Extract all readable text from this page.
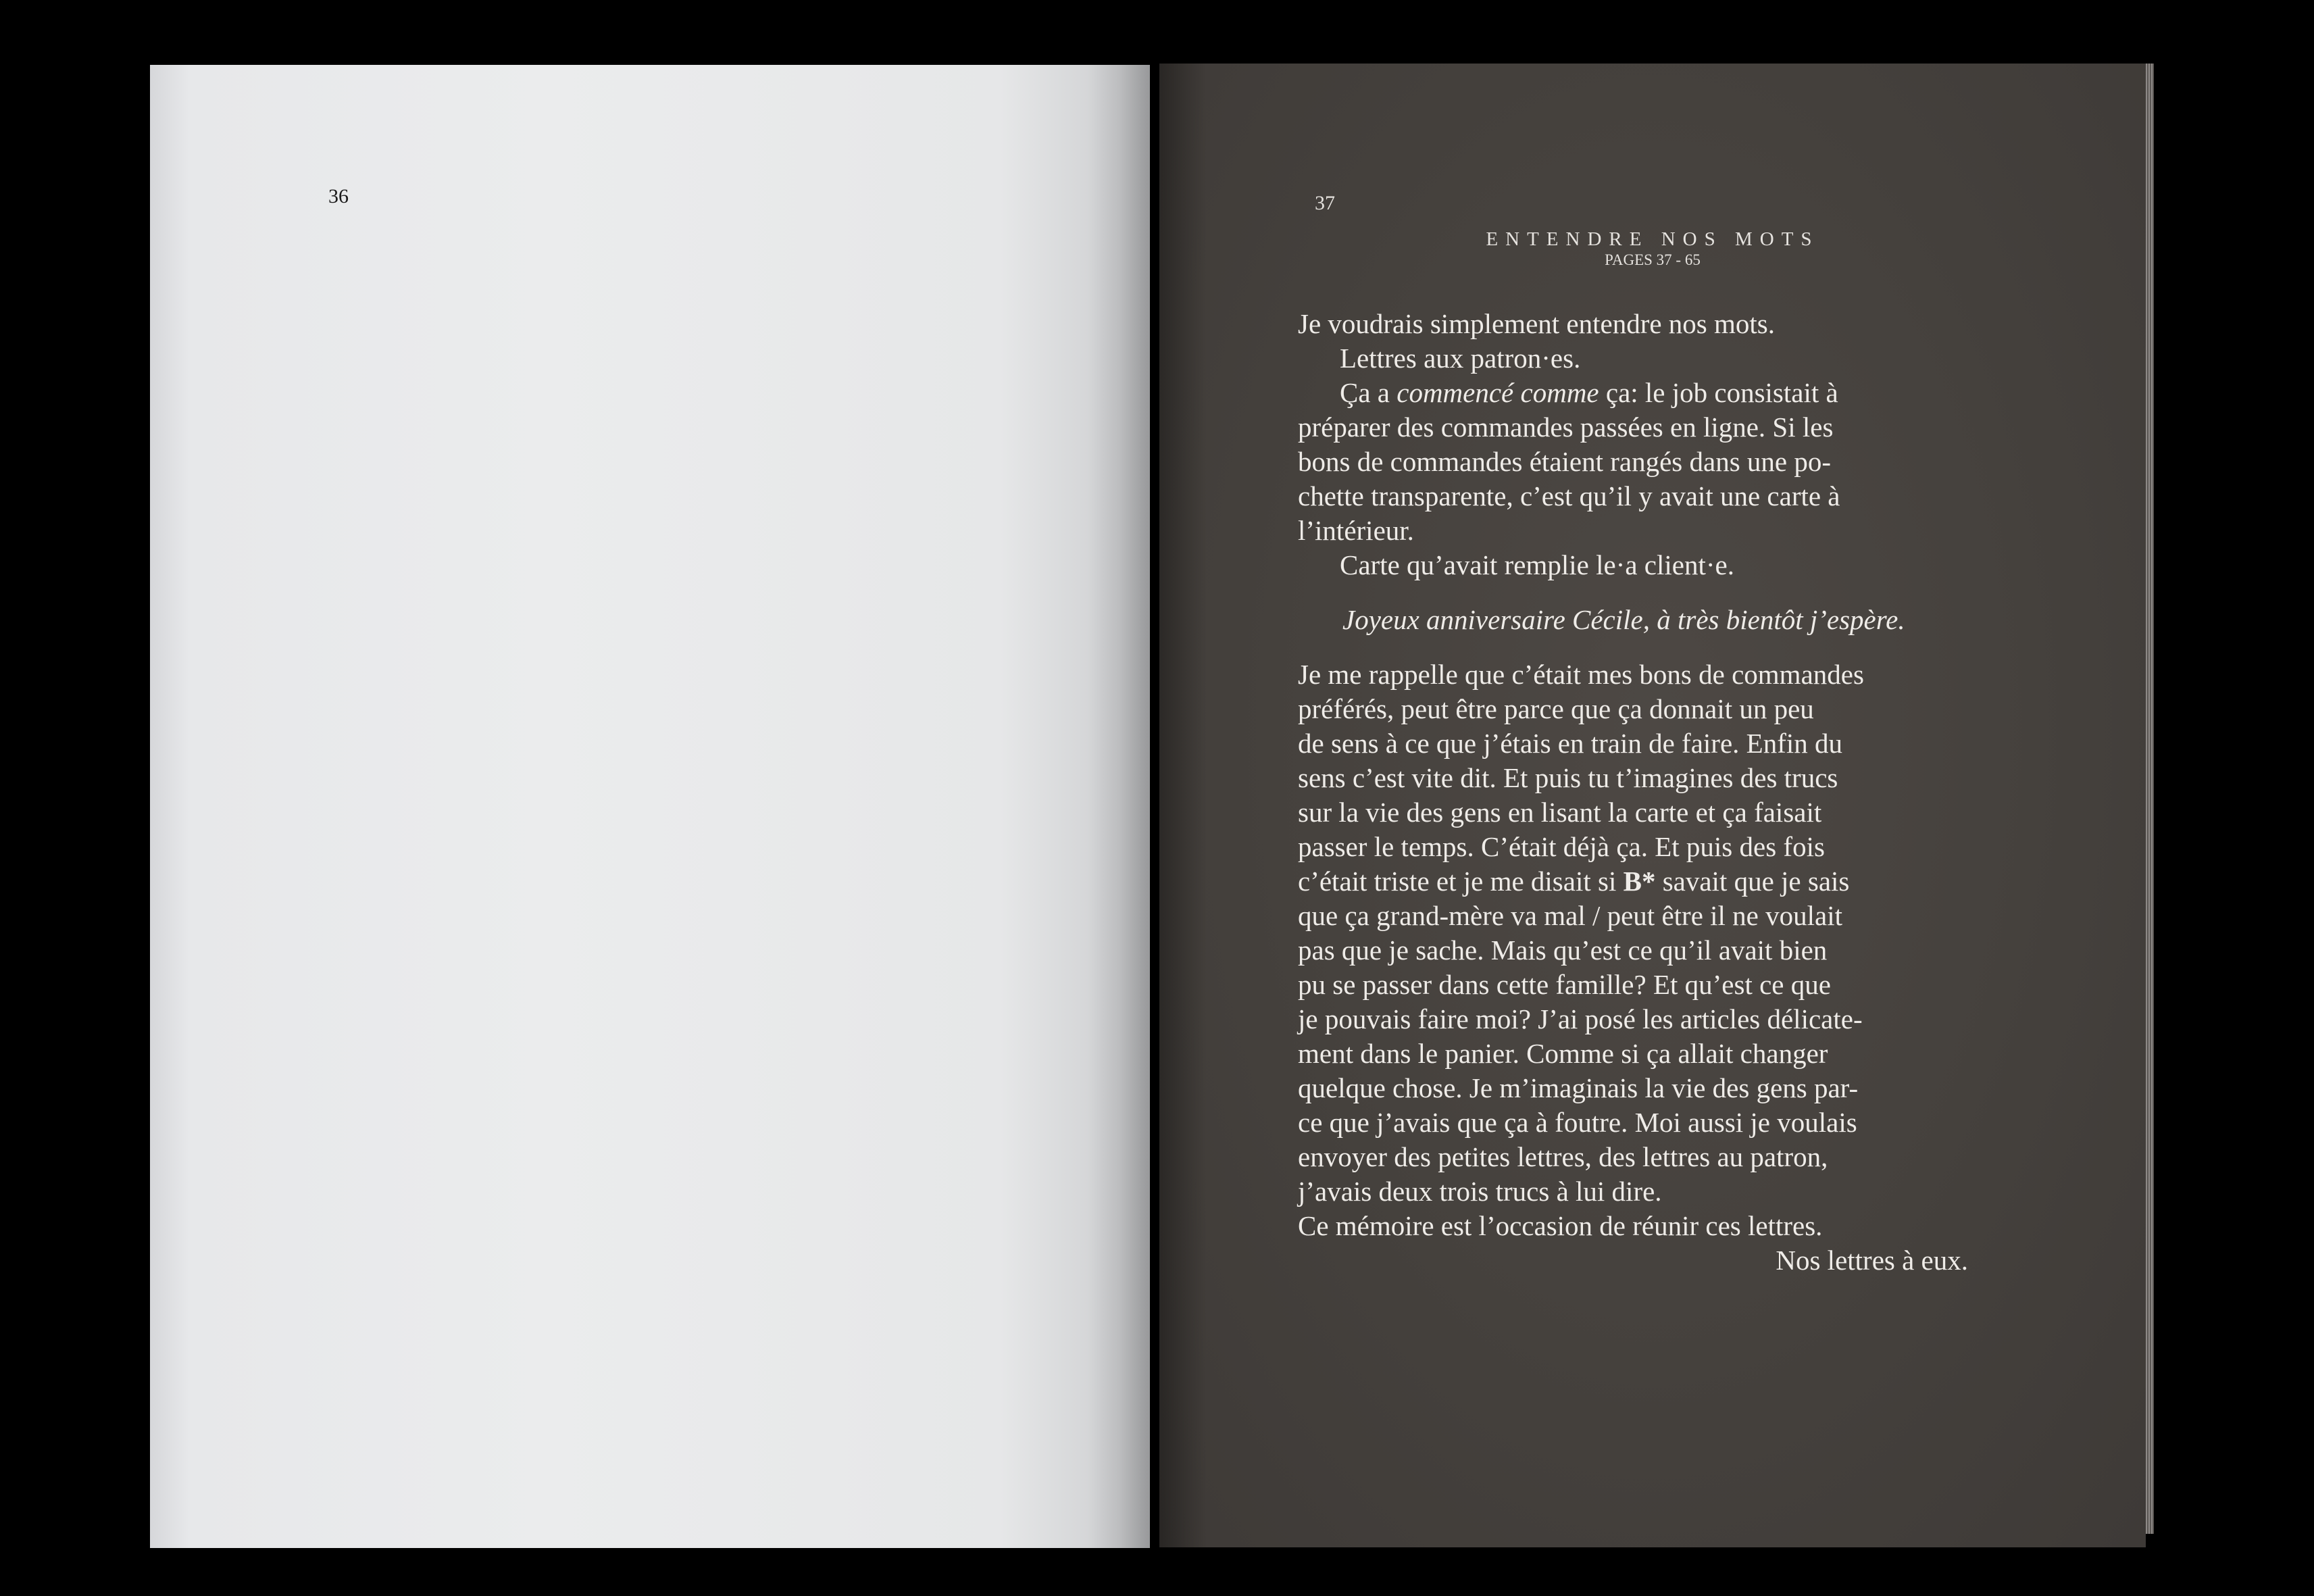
36	37

ENTENDRE NOS MOTS

PAGES 37 - 65

Je voudrais simplement entendre nos mots.
Lettres aux patron·es.
Ça a commencé comme ça: le job consistait à
préparer des commandes passées en ligne. Si les
bons de commandes étaient rangés dans une po-
chette transparente, c’est qu’il y avait une carte à
l’intérieur.
Carte qu’avait remplie le·a client·e.
Joyeux anniversaire Cécile, à très bientôt j’espère.
Je me rappelle que c’était mes bons de commandes
préférés, peut être parce que ça donnait un peu
de sens à ce que j’étais en train de faire. Enfin du
sens c’est vite dit. Et puis tu t’imagines des trucs
sur la vie des gens en lisant la carte et ça faisait
passer le temps. C’était déjà ça. Et puis des fois
c’était triste et je me disait si B* savait que je sais
que ça grand-mère va mal / peut être il ne voulait
pas que je sache. Mais qu’est ce qu’il avait bien
pu se passer dans cette famille? Et qu’est ce que
je pouvais faire moi? J’ai posé les articles délicate-
ment dans le panier. Comme si ça allait changer
quelque chose. Je m’imaginais la vie des gens par-
ce que j’avais que ça à foutre. Moi aussi je voulais
envoyer des petites lettres, des lettres au patron,
j’avais deux trois trucs à lui dire.
Ce mémoire est l’occasion de réunir ces lettres.
Nos lettres à eux.
